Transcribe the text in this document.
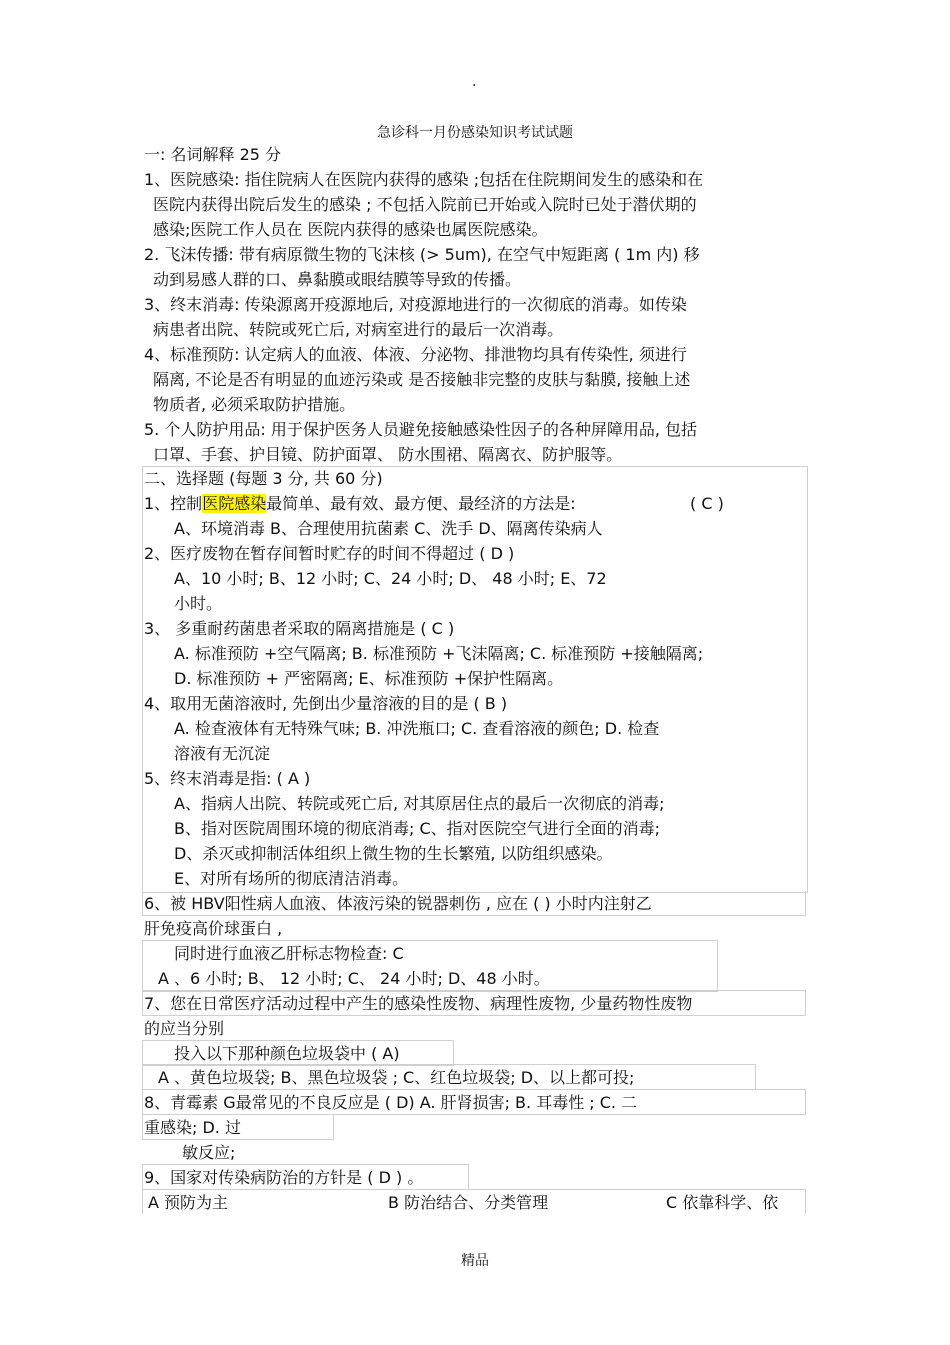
.
急诊科一月份感染知识考试试题
一: 名词解释 25 分
1、医院感染: 指住院病人在医院内获得的感染 ;包括在住院期间发生的感染和在
医院内获得出院后发生的感染 ; 不包括入院前已开始或入院时已处于潜伏期的
感染;医院工作人员在 医院内获得的感染也属医院感染。
2. 飞沫传播: 带有病原微生物的飞沫核 (> 5um), 在空气中短距离 ( 1m 内) 移
动到易感人群的口、鼻黏膜或眼结膜等导致的传播。
3、终末消毒: 传染源离开疫源地后, 对疫源地进行的一次彻底的消毒。如传染
病患者出院、转院或死亡后, 对病室进行的最后一次消毒。
4、标准预防: 认定病人的血液、体液、分泌物、排泄物均具有传染性, 须进行
隔离, 不论是否有明显的血迹污染或 是否接触非完整的皮肤与黏膜, 接触上述
物质者, 必须采取防护措施。
5. 个人防护用品: 用于保护医务人员避免接触感染性因子的各种屏障用品, 包括
口罩、手套、护目镜、防护面罩、 防水围裙、隔离衣、防护服等。
二、选择题 (每题 3 分, 共 60 分)
1、控制医院感染最简单、最有效、最方便、最经济的方法是:	( C )
A、环境消毒 B、合理使用抗菌素 C、洗手 D、隔离传染病人
2、医疗废物在暂存间暂时贮存的时间不得超过 ( D )
A、10 小时; B、12 小时; C、24 小时; D、 48 小时; E、72
小时。
3、 多重耐药菌患者采取的隔离措施是 ( C )
A. 标准预防 +空气隔离; B. 标准预防 +飞沫隔离; C. 标准预防 +接触隔离;
D. 标准预防 + 严密隔离; E、标准预防 +保护性隔离。
4、取用无菌溶液时, 先倒出少量溶液的目的是 ( B )
A. 检查液体有无特殊气味; B. 冲洗瓶口; C. 查看溶液的颜色; D. 检查
溶液有无沉淀
5、终末消毒是指: ( A )
A、指病人出院、转院或死亡后, 对其原居住点的最后一次彻底的消毒;
B、指对医院周围环境的彻底消毒; C、指对医院空气进行全面的消毒;
D、杀灭或抑制活体组织上微生物的生长繁殖, 以防组织感染。
E、对所有场所的彻底清洁消毒。
6、被 HBV阳性病人血液、体液污染的锐器刺伤 , 应在 ( ) 小时内注射乙
肝免疫高价球蛋白 ,
同时进行血液乙肝标志物检查: C
A 、6 小时; B、 12 小时; C、 24 小时; D、48 小时。
7、您在日常医疗活动过程中产生的感染性废物、病理性废物, 少量药物性废物
的应当分别
投入以下那种颜色垃圾袋中 ( A)
A 、黄色垃圾袋; B、黑色垃圾袋 ; C、红色垃圾袋; D、以上都可投;
8、青霉素 G最常见的不良反应是 ( D) A. 肝肾损害; B. 耳毒性 ; C. 二
重感染; D. 过
敏反应;
9、国家对传染病防治的方针是 ( D ) 。
A 预防为主	B 防治结合、分类管理	C 依靠科学、依
精品
